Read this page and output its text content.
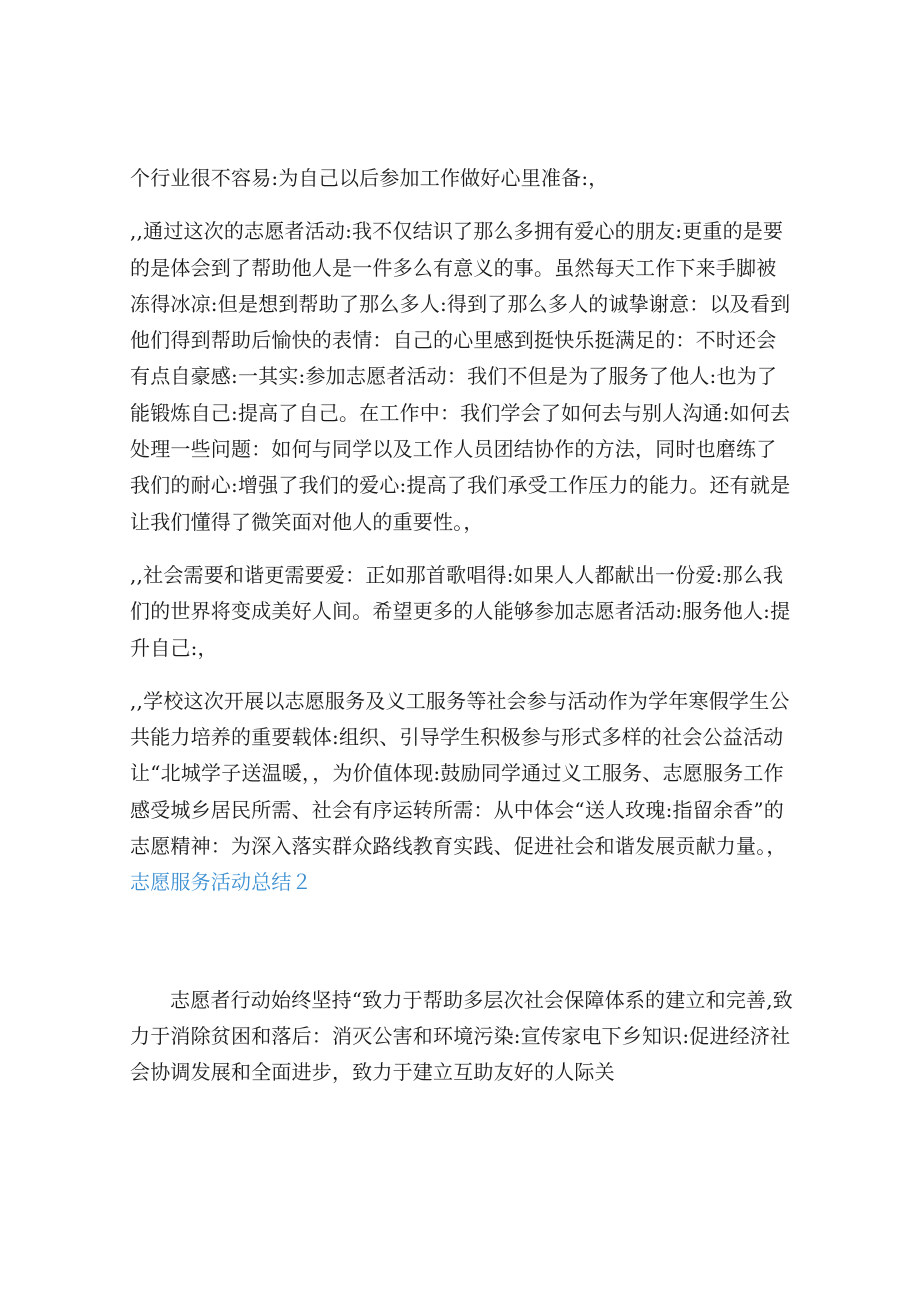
个行业很不容易:为自己以后参加工作做好心里准备:，

,,通过这次的志愿者活动:我不仅结识了那么多拥有爱心的朋友:更重的是要的是体会到了帮助他人是一件多么有意义的事。虽然每天工作下来手脚被冻得冰凉:但是想到帮助了那么多人:得到了那么多人的诚挚谢意：以及看到他们得到帮助后愉快的表情：自己的心里感到挺快乐挺满足的：不时还会有点自豪感:一其实:参加志愿者活动：我们不但是为了服务了他人:也为了能锻炼自己:提高了自己。在工作中：我们学会了如何去与别人沟通:如何去处理一些问题：如何与同学以及工作人员团结协作的方法，同时也磨练了我们的耐心:增强了我们的爱心:提高了我们承受工作压力的能力。还有就是让我们懂得了微笑面对他人的重要性。，

,,社会需要和谐更需要爱：正如那首歌唱得:如果人人都献出一份爱:那么我们的世界将变成美好人间。希望更多的人能够参加志愿者活动:服务他人:提升自己:，

,,学校这次开展以志愿服务及义工服务等社会参与活动作为学年寒假学生公共能力培养的重要载体:组织、引导学生积极参与形式多样的社会公益活动让“北城学子送温暖，，为价值体现:鼓励同学通过义工服务、志愿服务工作感受城乡居民所需、社会有序运转所需：从中体会“送人玫瑰:指留余香”的志愿精神：为深入落实群众路线教育实践、促进社会和谐发展贡献力量。， 志愿服务活动总结２

志愿者行动始终坚持“致力于帮助多层次社会保障体系的建立和完善,致力于消除贫困和落后：消灭公害和环境污染:宣传家电下乡知识:促进经济社会协调发展和全面进步，致力于建立互助友好的人际关
